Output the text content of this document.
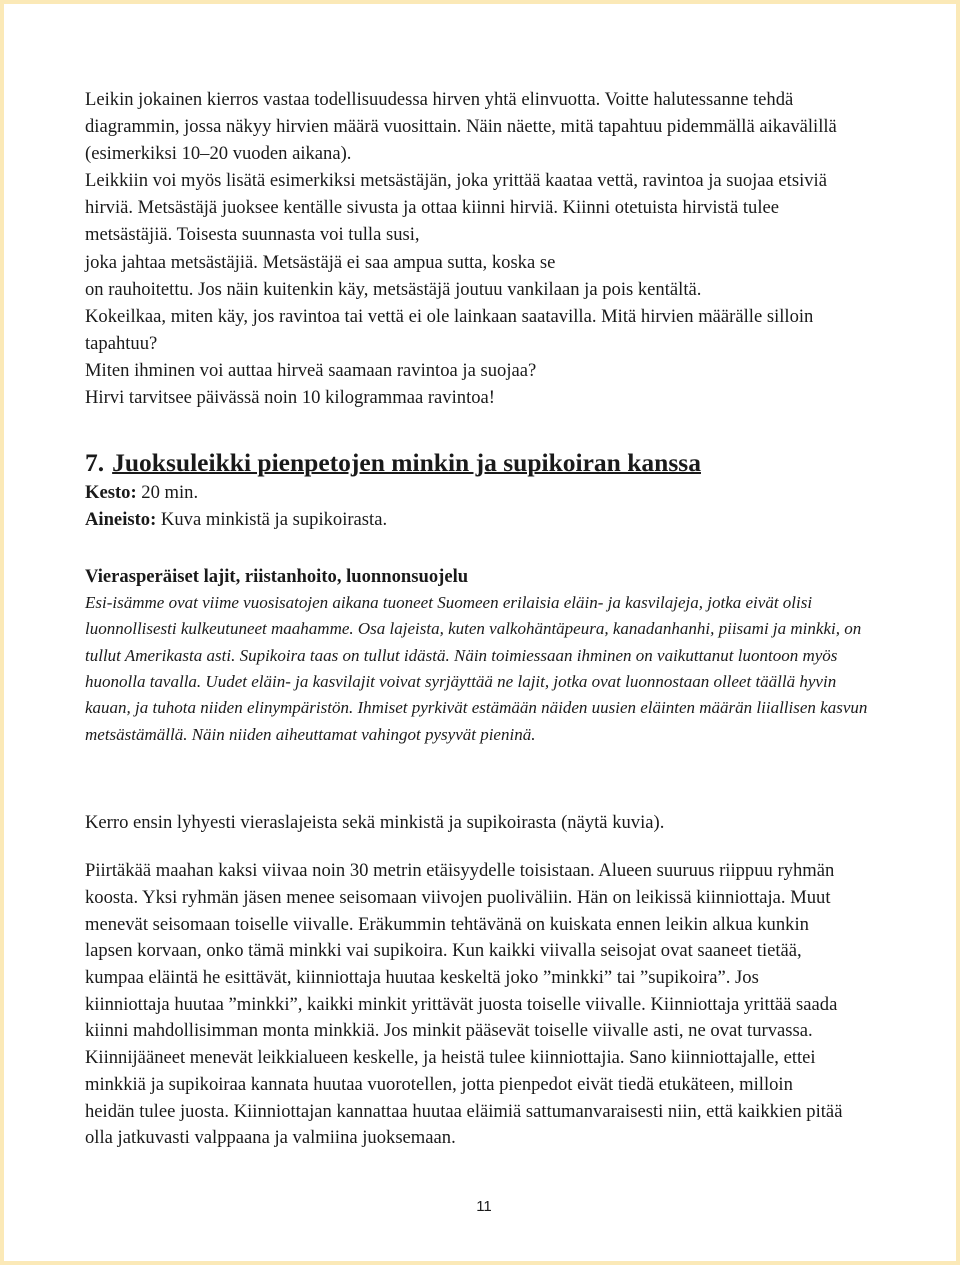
Leikin jokainen kierros vastaa todellisuudessa hirven yhtä elinvuotta. Voitte halutessanne tehdä

diagrammin, jossa näkyy hirvien määrä vuosittain. Näin näette, mitä tapahtuu pidemmällä aikavälillä

(esimerkiksi 10–20 vuoden aikana).

Leikkiin voi myös lisätä esimerkiksi metsästäjän, joka yrittää kaataa vettä, ravintoa ja suojaa etsiviä

hirviä. Metsästäjä juoksee kentälle sivusta ja ottaa kiinni hirviä. Kiinni otetuista hirvistä tulee

metsästäjiä. Toisesta suunnasta voi tulla susi,

joka jahtaa metsästäjiä. Metsästäjä ei saa ampua sutta, koska se

on rauhoitettu. Jos näin kuitenkin käy, metsästäjä joutuu vankilaan ja pois kentältä.

Kokeilkaa, miten käy, jos ravintoa tai vettä ei ole lainkaan saatavilla. Mitä hirvien määrälle silloin

tapahtuu?

Miten ihminen voi auttaa hirveä saamaan ravintoa ja suojaa?

Hirvi tarvitsee päivässä noin 10 kilogrammaa ravintoa!

7. Juoksuleikki pienpetojen minkin ja supikoiran kanssa

Kesto: 20 min.

Aineisto: Kuva minkistä ja supikoirasta.

Vierasperäiset lajit, riistanhoito, luonnonsuojelu

Esi-isämme ovat viime vuosisatojen aikana tuoneet Suomeen erilaisia eläin- ja kasvilajeja, jotka eivät olisi

luonnollisesti kulkeutuneet maahamme. Osa lajeista, kuten valkohäntäpeura, kanadanhanhi, piisami ja minkki, on

tullut Amerikasta asti. Supikoira taas on tullut idästä. Näin toimiessaan ihminen on vaikuttanut luontoon myös

huonolla tavalla. Uudet eläin- ja kasvilajit voivat syrjäyttää ne lajit, jotka ovat luonnostaan olleet täällä hyvin

kauan, ja tuhota niiden elinympäristön. Ihmiset pyrkivät estämään näiden uusien eläinten määrän liiallisen kasvun

metsästämällä. Näin niiden aiheuttamat vahingot pysyvät pieninä.

Kerro ensin lyhyesti vieraslajeista sekä minkistä ja supikoirasta (näytä kuvia).

Piirtäkää maahan kaksi viivaa noin 30 metrin etäisyydelle toisistaan. Alueen suuruus riippuu ryhmän

koosta. Yksi ryhmän jäsen menee seisomaan viivojen puoliväliin. Hän on leikissä kiinniottaja. Muut

menevät seisomaan toiselle viivalle. Eräkummin tehtävänä on kuiskata ennen leikin alkua kunkin

lapsen korvaan, onko tämä minkki vai supikoira. Kun kaikki viivalla seisojat ovat saaneet tietää,

kumpaa eläintä he esittävät, kiinniottaja huutaa keskeltä joko ”minkki” tai ”supikoira”. Jos

kiinniottaja huutaa ”minkki”, kaikki minkit yrittävät juosta toiselle viivalle. Kiinniottaja yrittää saada

kiinni mahdollisimman monta minkkiä. Jos minkit pääsevät toiselle viivalle asti, ne ovat turvassa.

Kiinnijääneet menevät leikkialueen keskelle, ja heistä tulee kiinniottajia. Sano kiinniottajalle, ettei

minkkiä ja supikoiraa kannata huutaa vuorotellen, jotta pienpedot eivät tiedä etukäteen, milloin

heidän tulee juosta. Kiinniottajan kannattaa huutaa eläimiä sattumanvaraisesti niin, että kaikkien pitää

olla jatkuvasti valppaana ja valmiina juoksemaan.

11
